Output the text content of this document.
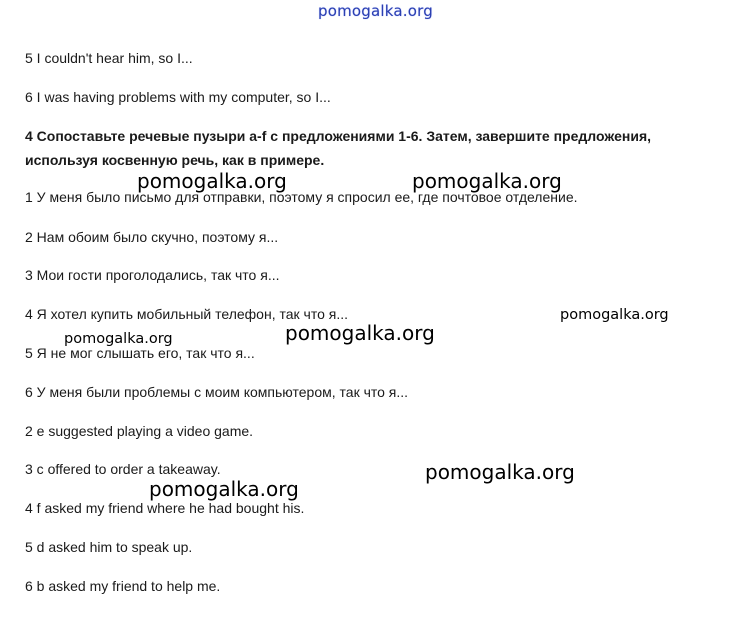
pomogalka.org
5 I couldn't hear him, so I...
6 I was having problems with my computer, so I...
4 Сопоставьте речевые пузыри a-f с предложениями 1-6. Затем, завершите предложения, используя косвенную речь, как в примере.
1 У меня было письмо для отправки, поэтому я спросил ее, где почтовое отделение.
2 Нам обоим было скучно, поэтому я...
3 Мои гости проголодались, так что я...
4 Я хотел купить мобильный телефон, так что я...
5 Я не мог слышать его, так что я...
6 У меня были проблемы с моим компьютером, так что я...
2 e suggested playing a video game.
3 c offered to order a takeaway.
4 f asked my friend where he had bought his.
5 d asked him to speak up.
6 b asked my friend to help me.
pomogalka.org	pomogalka.org
pomogalka.org
pomogalka.org
pomogalka.org
pomogalka.org
pomogalka.org
